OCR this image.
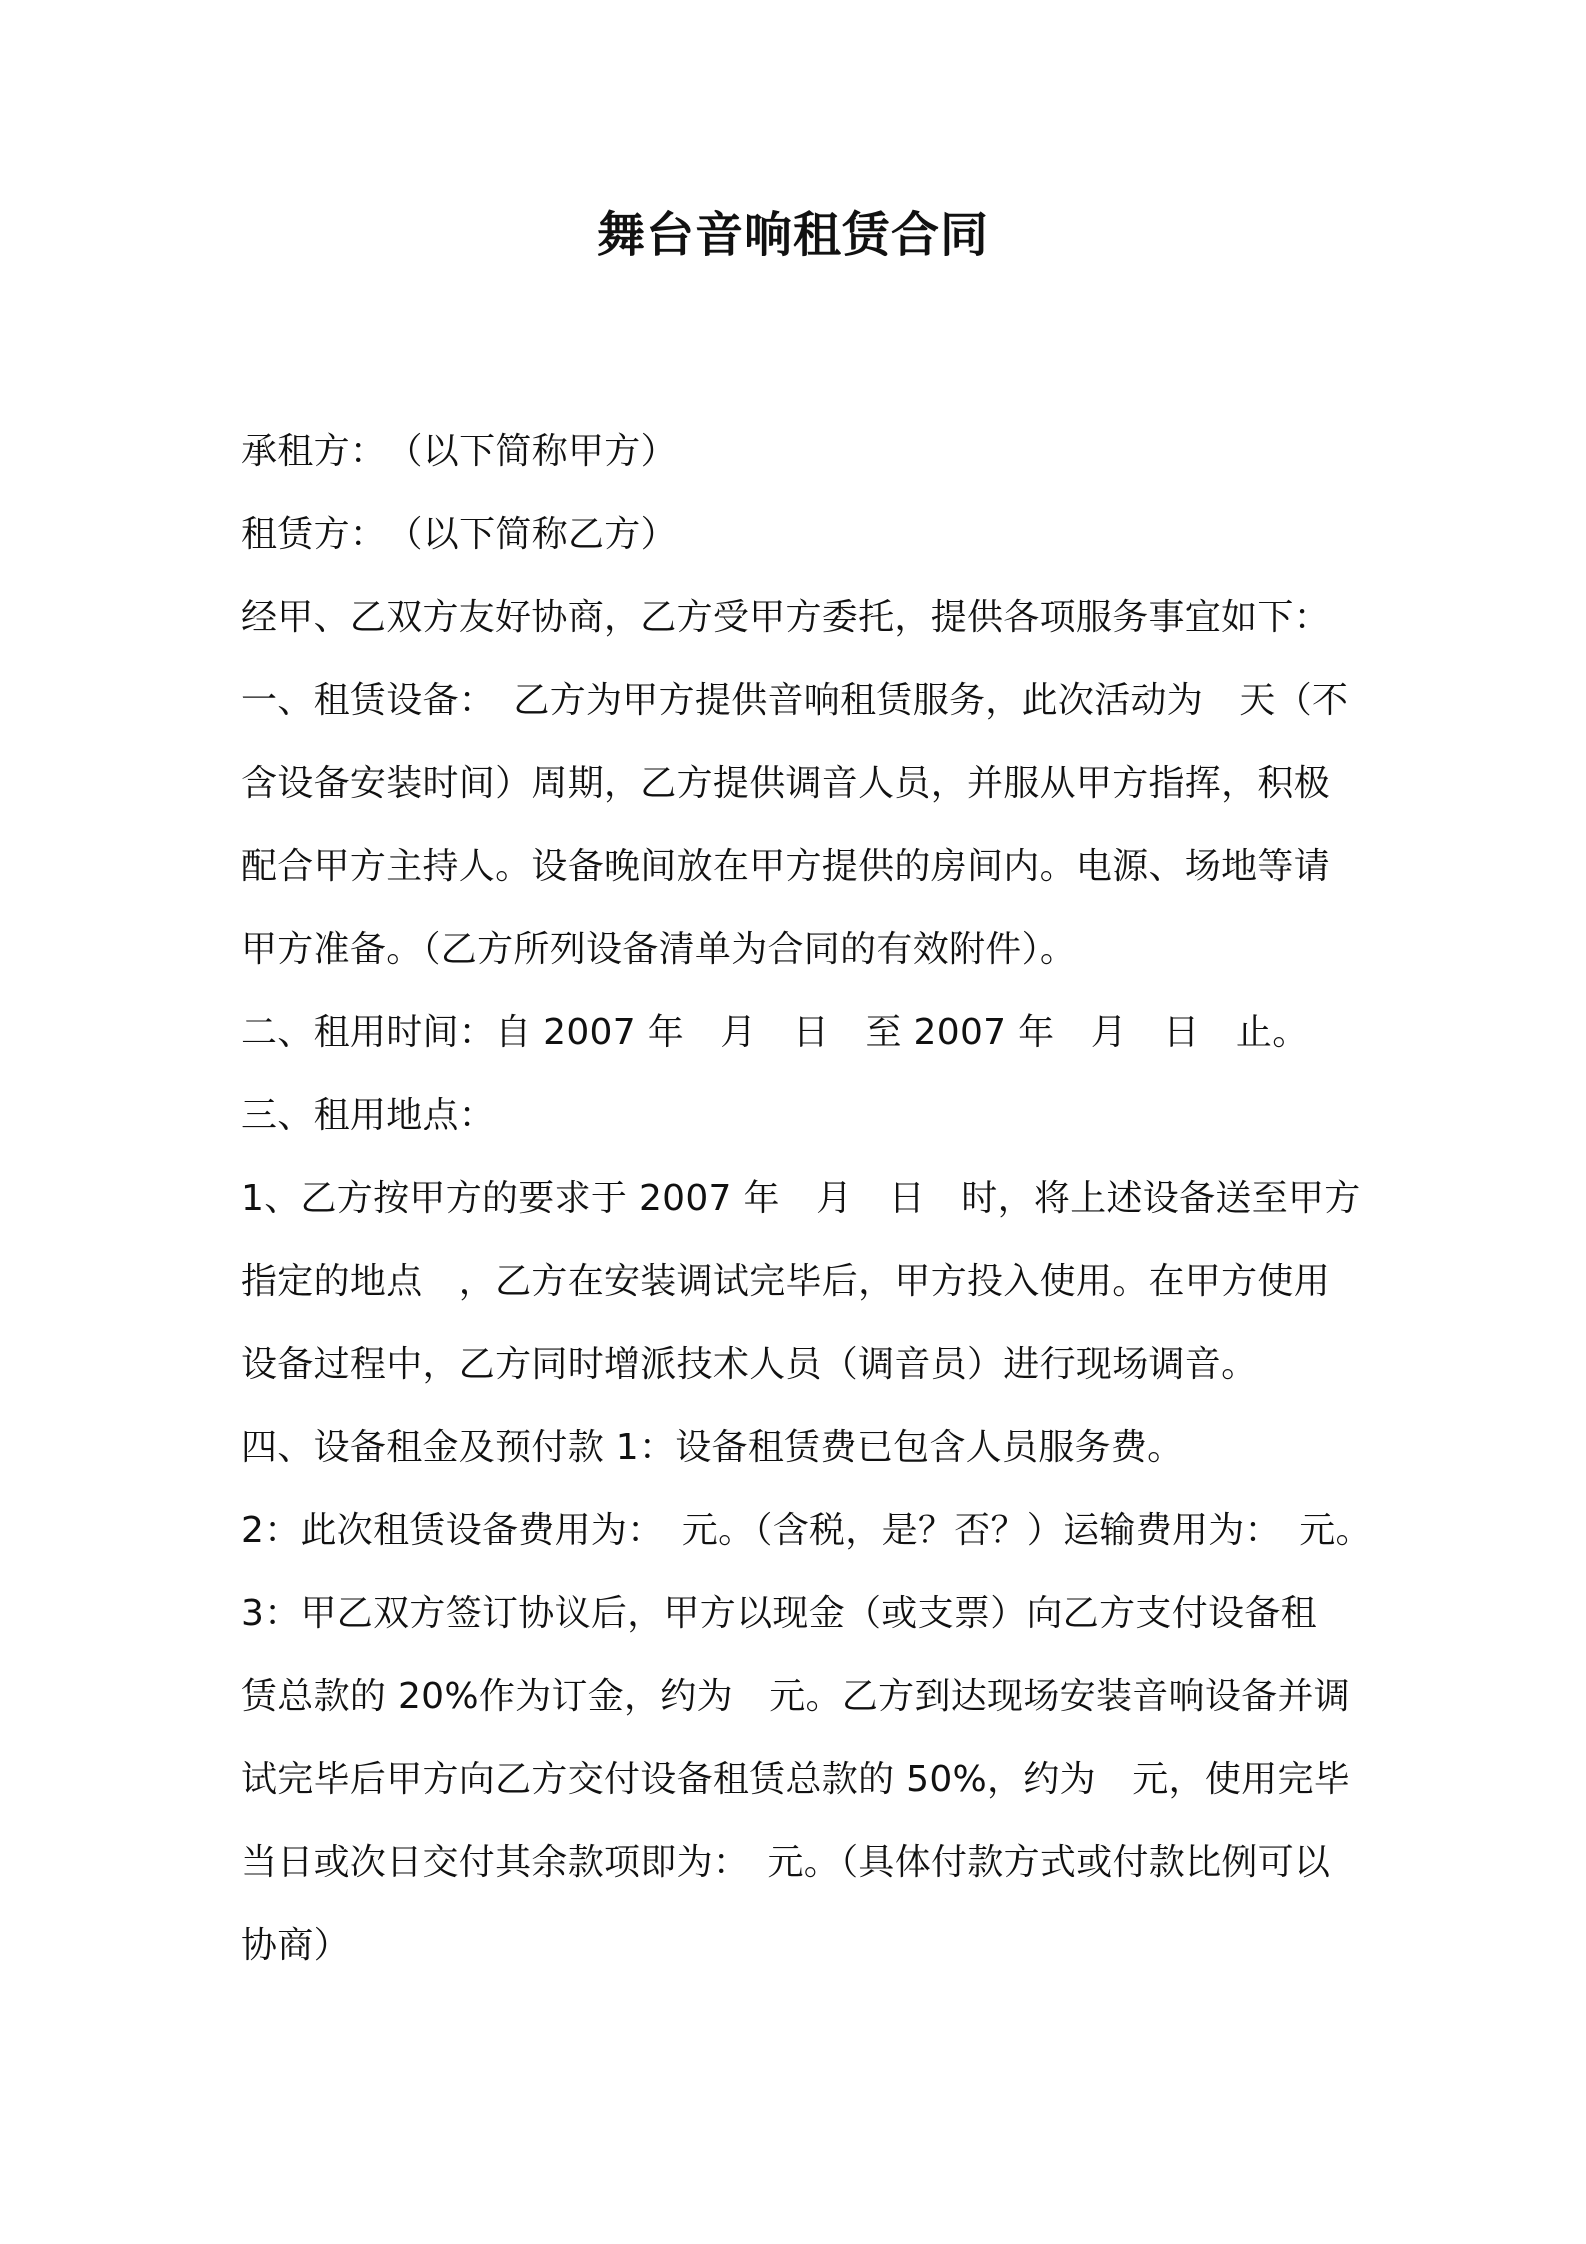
舞台音响租赁合同
承租方：　（以下简称甲方）
租赁方：　（以下简称乙方）
经甲、乙双方友好协商，乙方受甲方委托，提供各项服务事宜如下：
一、租赁设备：　乙方为甲方提供音响租赁服务，此次活动为　天（不
含设备安装时间）周期，乙方提供调音人员，并服从甲方指挥，积极
配合甲方主持人。设备晚间放在甲方提供的房间内。电源、场地等请
甲方准备。（乙方所列设备清单为合同的有效附件）。
二、租用时间：自 2007 年　月　日　至 2007 年　月　日　止。
三、租用地点：
1、乙方按甲方的要求于 2007 年　月　日　时，将上述设备送至甲方
指定的地点　，乙方在安装调试完毕后，甲方投入使用。在甲方使用
设备过程中，乙方同时增派技术人员（调音员）进行现场调音。
四、设备租金及预付款 1：设备租赁费已包含人员服务费。
2：此次租赁设备费用为：　元。（含税，是？否？）运输费用为：　元。
3：甲乙双方签订协议后，甲方以现金（或支票）向乙方支付设备租
赁总款的 20%作为订金，约为　元。乙方到达现场安装音响设备并调
试完毕后甲方向乙方交付设备租赁总款的 50%，约为　元，使用完毕
当日或次日交付其余款项即为：　元。（具体付款方式或付款比例可以
协商）
